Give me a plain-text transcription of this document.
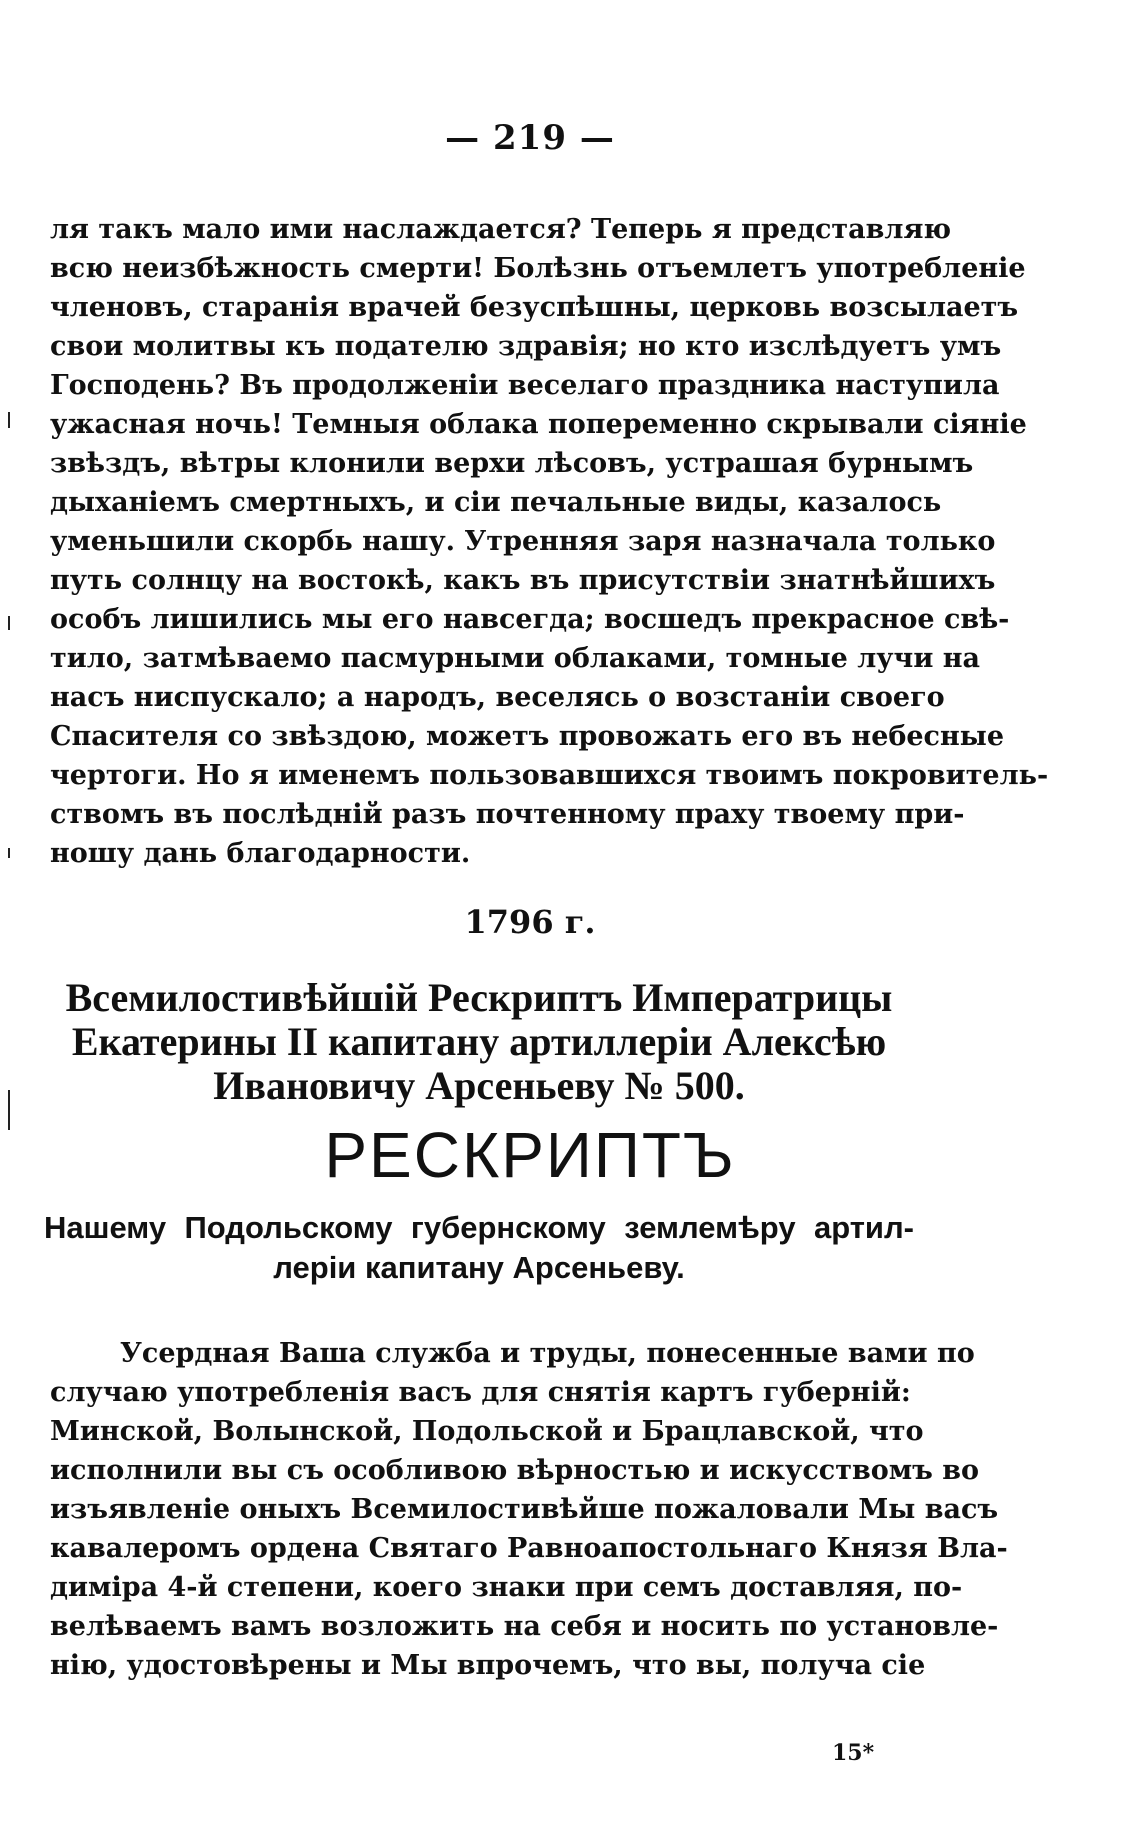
— 219 —
ля такъ мало ими наслаждается? Теперь я представляю
всю неизбѣжность смерти! Болѣзнь отъемлетъ употребленіе
членовъ, старанія врачей безуспѣшны, церковь возсылаетъ
свои молитвы къ подателю здравія; но кто изслѣдуетъ умъ
Господень? Въ продолженіи веселаго праздника наступила
ужасная ночь! Темныя облака попеременно скрывали сіяніе
звѣздъ, вѣтры клонили верхи лѣсовъ, устрашая бурнымъ
дыханіемъ смертныхъ, и сіи печальные виды, казалось
уменьшили скорбь нашу. Утренняя заря назначала только
путь солнцу на востокѣ, какъ въ присутствіи знатнѣйшихъ
особъ лишились мы его навсегда; восшедъ прекрасное свѣ-
тило, затмѣваемо пасмурными облаками, томные лучи на
насъ ниспускало; а народъ, веселясь о возстаніи своего
Спасителя со звѣздою, можетъ провожать его въ небесные
чертоги. Но я именемъ пользовавшихся твоимъ покровитель-
ствомъ въ послѣдній разъ почтенному праху твоему при-
ношу дань благодарности.
1796 г.
Всемилостивѣйшій Рескриптъ Императрицы
Екатерины II капитану артиллеріи Алексѣю
Ивановичу Арсеньеву № 500.
РЕСКРИПТЪ
Нашему Подольскому губернскому землемѣру артил-
леріи капитану Арсеньеву.
Усердная Ваша служба и труды, понесенные вами по
случаю употребленія васъ для снятія картъ губерній:
Минской, Волынской, Подольской и Брацлавской, что
исполнили вы съ особливою вѣрностью и искусствомъ во
изъявленіе оныхъ Всемилостивѣйше пожаловали Мы васъ
кавалеромъ ордена Святаго Равноапостольнаго Князя Вла-
диміра 4-й степени, коего знаки при семъ доставляя, по-
велѣваемъ вамъ возложить на себя и носить по установле-
нію, удостовѣрены и Мы впрочемъ, что вы, получа сіе
15*
